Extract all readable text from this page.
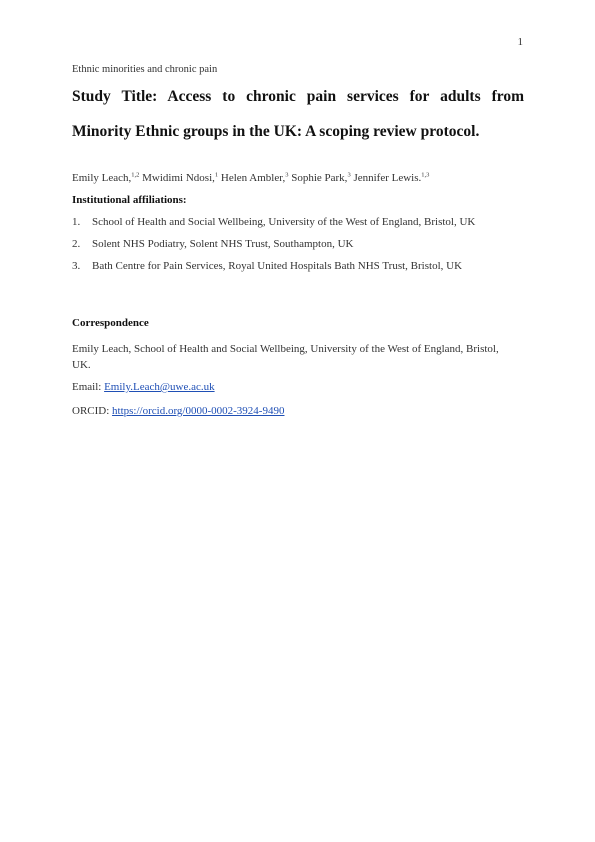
1
Ethnic minorities and chronic pain
Study Title: Access to chronic pain services for adults from
Minority Ethnic groups in the UK: A scoping review protocol.
Emily Leach,$^{1,2}$ Mwidimi Ndosi,$^1$ Helen Ambler,$^3$ Sophie Park,$^3$ Jennifer Lewis.$^{1,3}$
Institutional affiliations:
1.	School of Health and Social Wellbeing, University of the West of England, Bristol, UK
2.	Solent NHS Podiatry, Solent NHS Trust, Southampton, UK
3.	Bath Centre for Pain Services, Royal United Hospitals Bath NHS Trust, Bristol, UK
Correspondence

Emily Leach, School of Health and Social Wellbeing, University of the West of England, Bristol, UK.

Email: Emily.Leach@uwe.ac.uk
ORCID: https://orcid.org/0000-0002-3924-9490
